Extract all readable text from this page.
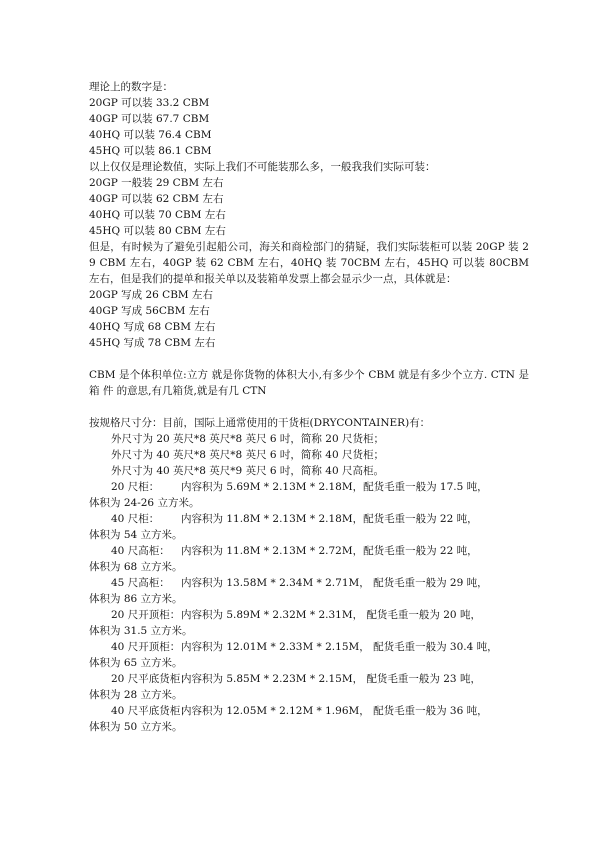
理论上的数字是：
20GP 可以装 33.2 CBM
40GP 可以装 67.7 CBM
40HQ 可以装 76.4 CBM
45HQ 可以装 86.1 CBM
以上仅仅是理论数值，实际上我们不可能装那么多，一般我我们实际可装：
20GP 一般装 29 CBM 左右
40GP 可以装 62 CBM 左右
40HQ 可以装 70 CBM 左右
45HQ 可以装 80 CBM 左右
但是，有时候为了避免引起船公司，海关和商检部门的猜疑，我们实际装柜可以装 20GP 装 29 CBM 左右，40GP 装 62 CBM 左右，40HQ 装 70CBM 左右，45HQ 可以装 80CBM 左右，但是我们的提单和报关单以及装箱单发票上都会显示少一点，具体就是：
20GP 写成 26 CBM 左右
40GP 写成 56CBM 左右
40HQ 写成 68 CBM 左右
45HQ 写成 78 CBM 左右
CBM 是个体积单位:立方 就是你货物的体积大小,有多少个 CBM 就是有多少个立方. CTN 是箱 件 的意思,有几箱货,就是有几 CTN
按规格尺寸分：目前，国际上通常使用的干货柜(DRYCONTAINER)有：
外尺寸为 20 英尺*8 英尺*8 英尺 6 吋，简称 20 尺货柜；
外尺寸为 40 英尺*8 英尺*8 英尺 6 吋，简称 40 尺货柜；
外尺寸为 40 英尺*8 英尺*9 英尺 6 吋，简称 40 尺高柜。
20 尺柜： 内容积为 5.69M * 2.13M * 2.18M，配货毛重一般为 17.5 吨，
体积为 24-26 立方米。
40 尺柜： 内容积为 11.8M * 2.13M * 2.18M，配货毛重一般为 22 吨，
体积为 54 立方米。
40 尺高柜： 内容积为 11.8M * 2.13M * 2.72M，配货毛重一般为 22 吨，
体积为 68 立方米。
45 尺高柜： 内容积为 13.58M * 2.34M * 2.71M， 配货毛重一般为 29 吨，
体积为 86 立方米。
20 尺开顶柜：内容积为 5.89M * 2.32M * 2.31M， 配货毛重一般为 20 吨，
体积为 31.5 立方米。
40 尺开顶柜：内容积为 12.01M * 2.33M * 2.15M， 配货毛重一般为 30.4 吨，
体积为 65 立方米。
20 尺平底货柜：内容积为 5.85M * 2.23M * 2.15M， 配货毛重一般为 23 吨，
体积为 28 立方米。
40 尺平底货柜：内容积为 12.05M * 2.12M * 1.96M， 配货毛重一般为 36 吨，
体积为 50 立方米。
